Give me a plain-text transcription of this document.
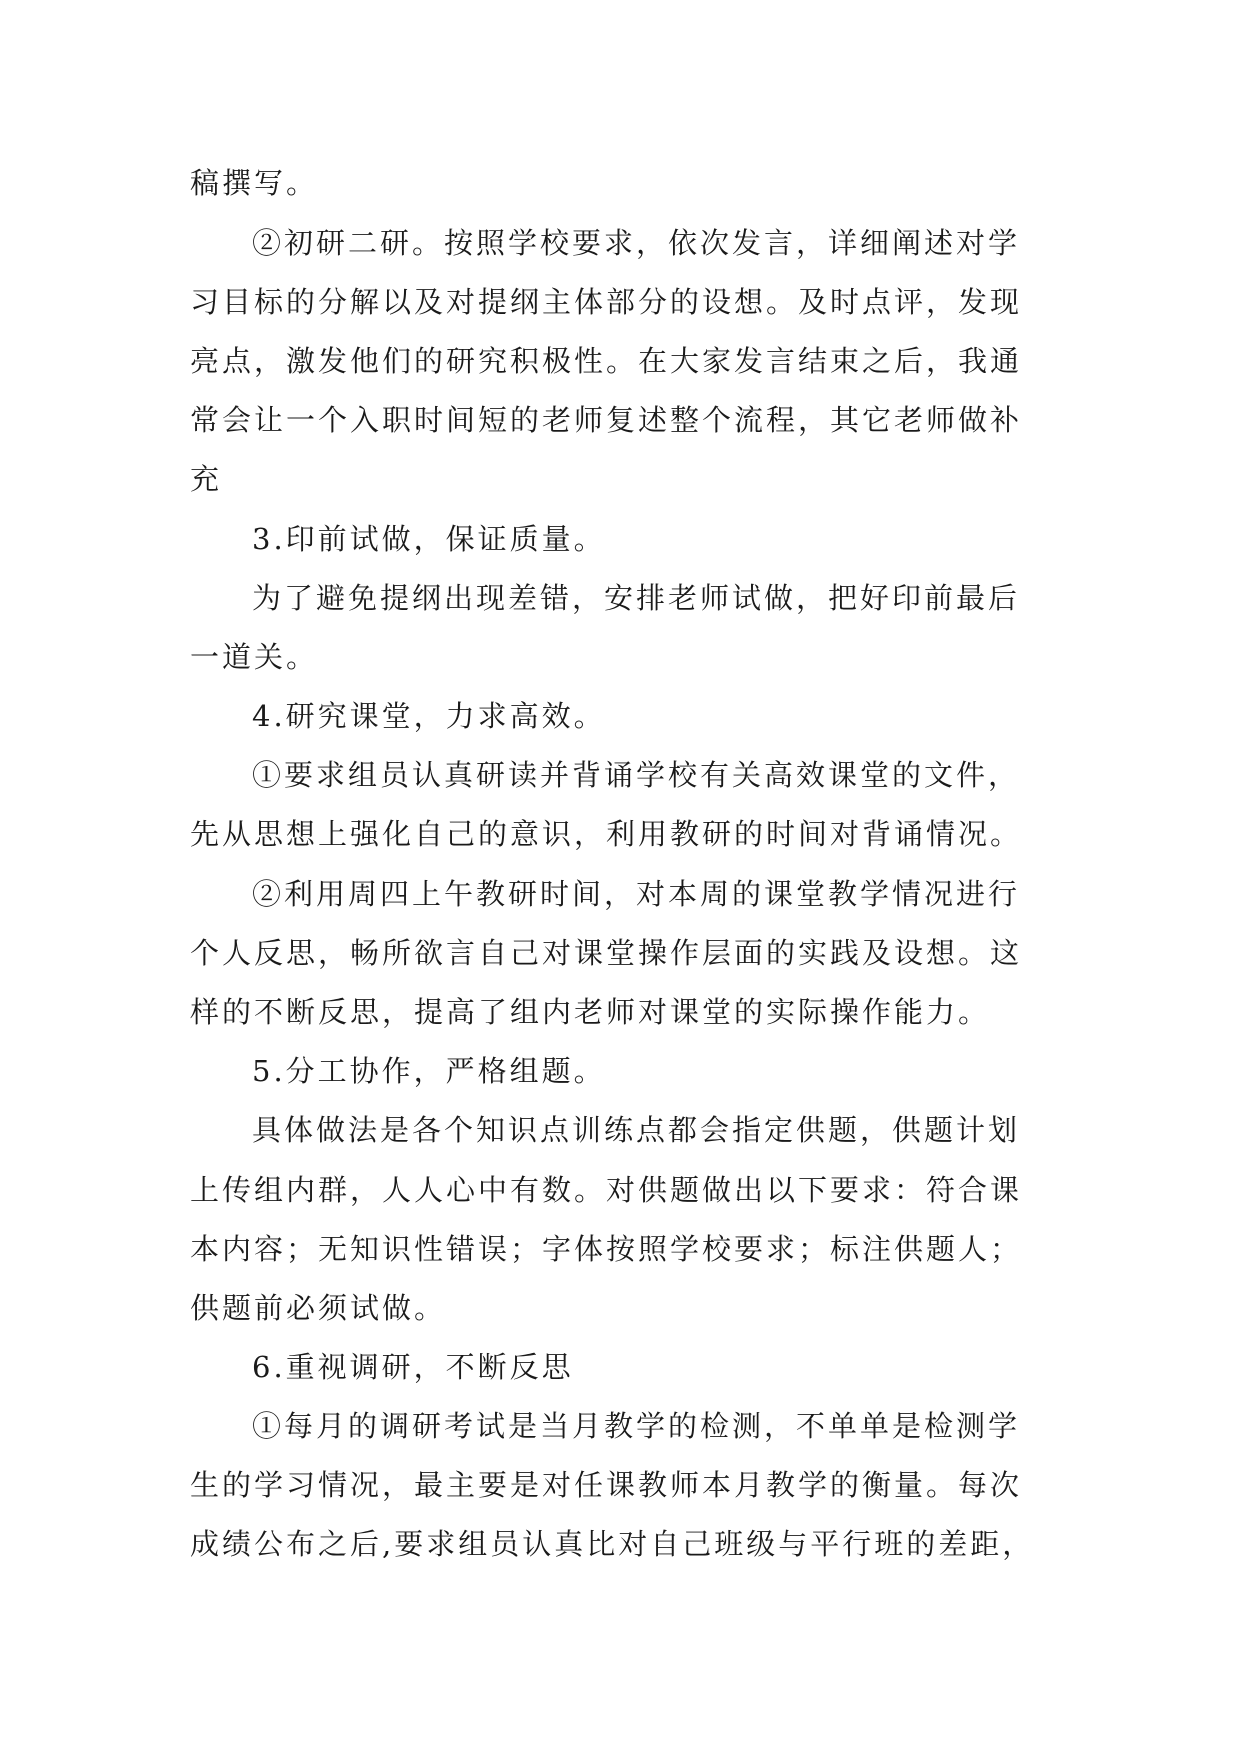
稿撰写。
②初研二研。按照学校要求，依次发言，详细阐述对学
习目标的分解以及对提纲主体部分的设想。及时点评，发现
亮点，激发他们的研究积极性。在大家发言结束之后，我通
常会让一个入职时间短的老师复述整个流程，其它老师做补
充
3.印前试做，保证质量。
为了避免提纲出现差错，安排老师试做，把好印前最后
一道关。
4.研究课堂，力求高效。
①要求组员认真研读并背诵学校有关高效课堂的文件，
先从思想上强化自己的意识，利用教研的时间对背诵情况。
②利用周四上午教研时间，对本周的课堂教学情况进行
个人反思，畅所欲言自己对课堂操作层面的实践及设想。这
样的不断反思，提高了组内老师对课堂的实际操作能力。
5.分工协作，严格组题。
具体做法是各个知识点训练点都会指定供题，供题计划
上传组内群，人人心中有数。对供题做出以下要求：符合课
本内容；无知识性错误；字体按照学校要求；标注供题人；
供题前必须试做。
6.重视调研，不断反思
①每月的调研考试是当月教学的检测，不单单是检测学
生的学习情况，最主要是对任课教师本月教学的衡量。每次
成绩公布之后,要求组员认真比对自己班级与平行班的差距，
